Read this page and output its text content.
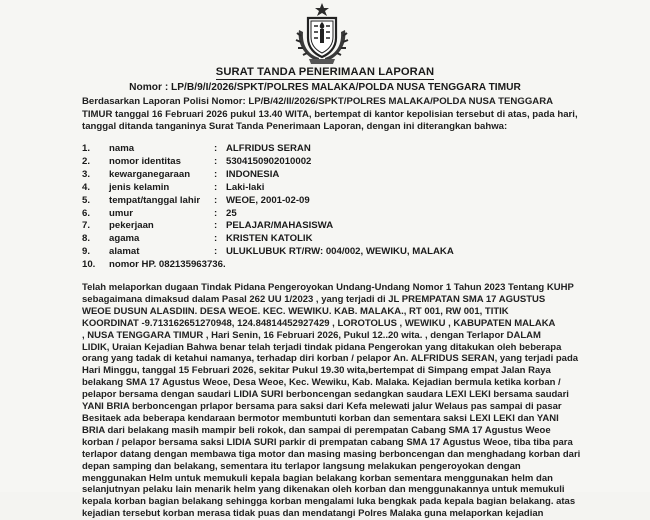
SURAT TANDA PENERIMAAN LAPORAN
Nomor : LP/B/9/I/2026/SPKT/POLRES MALAKA/POLDA NUSA TENGGARA TIMUR
Berdasarkan Laporan Polisi Nomor: LP/B/42/II/2026/SPKT/POLRES MALAKA/POLDA NUSA TENGGARA
TIMUR tanggal 16 Februari 2026 pukul 13.40 WITA, bertempat di kantor kepolisian tersebut di atas, pada hari,
tanggal ditanda tanganinya Surat Tanda Penerimaan Laporan, dengan ini diterangkan bahwa:
1. nama	: ALFRIDUS SERAN
2. nomor identitas	: 5304150902010002
3. kewarganegaraan : INDONESIA
4. jenis kelamin	: Laki-laki
5. tempat/tanggal lahir : WEOE, 2001-02-09
6. umur	: 25
7. pekerjaan	: PELAJAR/MAHASISWA
8. agama	: KRISTEN KATOLIK
9. alamat	: ULUKLUBUK RT/RW: 004/002, WEWIKU, MALAKA
10. nomor HP. 082135963736.
Telah melaporkan dugaan Tindak Pidana Pengeroyokan Undang-Undang Nomor 1 Tahun 2023 Tentang KUHP
sebagaimana dimaksud dalam Pasal 262 UU 1/2023 , yang terjadi di JL PREMPATAN SMA 17 AGUSTUS
WEOE DUSUN ALASDIIN. DESA WEOE. KEC. WEWIKU. KAB. MALAKA., RT 001, RW 001, TITIK
KOORDINAT -9.713162651270948, 124.84814452927429 , LOROTOLUS , WEWIKU , KABUPATEN MALAKA
, NUSA TENGGARA TIMUR , Hari Senin, 16 Februari 2026, Pukul 12..20 wita. , dengan Terlapor DALAM
LIDIK, Uraian Kejadian Bahwa benar telah terjadi tindak pidana Pengerokan yang ditakukan oleh beberapa
orang yang tadak di ketahui namanya, terhadap diri korban / pelapor An. ALFRIDUS SERAN, yang terjadi pada
Hari Minggu, tanggal 15 Februari 2026, sekitar Pukul 19.30 wita,bertempat di Simpang empat Jalan Raya
belakang SMA 17 Agustus Weoe, Desa Weoe, Kec. Wewiku, Kab. Malaka. Kejadian bermula ketika korban /
pelapor bersama dengan saudari LIDIA SURI berboncengan sedangkan saudara LEXI LEKI bersama saudari
YANI BRIA berboncengan prlapor bersama para saksi dari Kefa melewati jalur Welaus pas sampai di pasar
Besitaek ada beberapa kendaraan bermotor membuntuti korban dan sementara saksi LEXI LEKI dan YANI
BRIA dari belakang masih mampir beli rokok, dan sampai di perempatan Cabang SMA 17 Agustus Weoe
korban / pelapor bersama saksi LIDIA SURI parkir di prempatan cabang SMA 17 Agustus Weoe, tiba tiba para
terlapor datang dengan membawa tiga motor dan masing masing berboncengan dan menghadang korban dari
depan samping dan belakang, sementara itu terlapor langsung melakukan pengeroyokan dengan
menggunakan Helm untuk memukuli kepala bagian belakang korban sementara menggunakan helm dan
selanjutnyan pelaku lain menarik helm yang dikenakan oleh korban dan menggunakannya untuk memukuli
kepala korban bagian belakang sehingga korban mengalami luka bengkak pada kepala bagian belakang. atas
kejadian tersebut korban merasa tidak puas dan mendatangi Polres Malaka guna melaporkan kejadian
